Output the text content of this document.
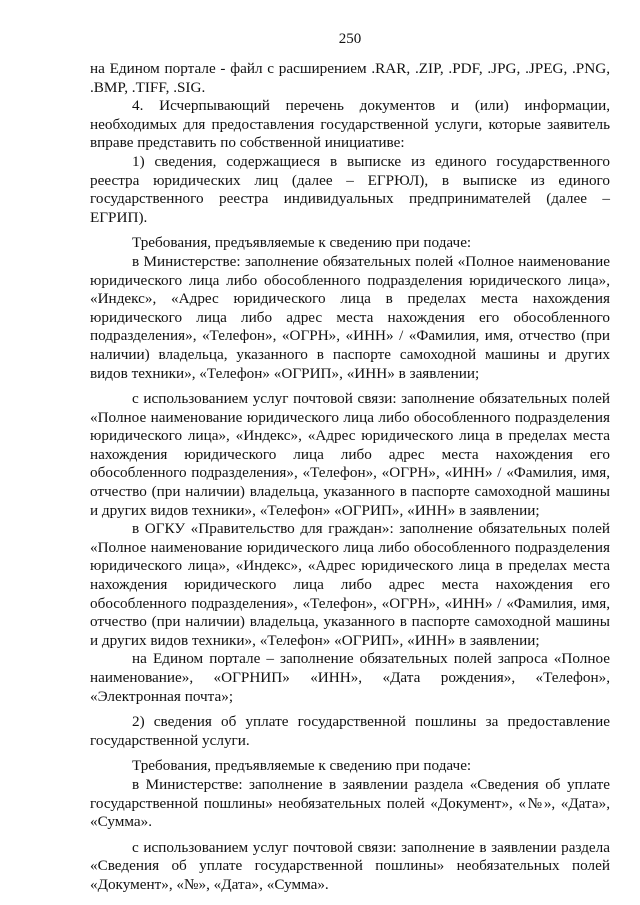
250

на Едином портале - файл с расширением .RAR, .ZIP, .PDF, .JPG, .JPEG, .PNG, .BMP, .TIFF, .SIG.

4. Исчерпывающий перечень документов и (или) информации, необходимых для предоставления государственной услуги, которые заявитель вправе представить по собственной инициативе:

1) сведения, содержащиеся в выписке из единого государственного реестра юридических лиц (далее – ЕГРЮЛ), в выписке из единого государственного реестра индивидуальных предпринимателей (далее – ЕГРИП).

Требования, предъявляемые к сведению при подаче:

в Министерстве: заполнение обязательных полей «Полное наименование юридического лица либо обособленного подразделения юридического лица», «Индекс», «Адрес юридического лица в пределах места нахождения юридического лица либо адрес места нахождения его обособленного подразделения», «Телефон», «ОГРН», «ИНН» / «Фамилия, имя, отчество (при наличии) владельца, указанного в паспорте самоходной машины и других видов техники», «Телефон» «ОГРИП», «ИНН» в заявлении;

с использованием услуг почтовой связи: заполнение обязательных полей «Полное наименование юридического лица либо обособленного подразделения юридического лица», «Индекс», «Адрес юридического лица в пределах места нахождения юридического лица либо адрес места нахождения его обособленного подразделения», «Телефон», «ОГРН», «ИНН» / «Фамилия, имя, отчество (при наличии) владельца, указанного в паспорте самоходной машины и других видов техники», «Телефон» «ОГРИП», «ИНН» в заявлении;

в ОГКУ «Правительство для граждан»: заполнение обязательных полей «Полное наименование юридического лица либо обособленного подразделения юридического лица», «Индекс», «Адрес юридического лица в пределах места нахождения юридического лица либо адрес места нахождения его обособленного подразделения», «Телефон», «ОГРН», «ИНН» / «Фамилия, имя, отчество (при наличии) владельца, указанного в паспорте самоходной машины и других видов техники», «Телефон» «ОГРИП», «ИНН» в заявлении;

на Едином портале – заполнение обязательных полей запроса «Полное наименование», «ОГРНИП» «ИНН», «Дата рождения», «Телефон», «Электронная почта»;

2) сведения об уплате государственной пошлины за предоставление государственной услуги.

Требования, предъявляемые к сведению при подаче:

в Министерстве: заполнение в заявлении раздела «Сведения об уплате государственной пошлины» необязательных полей «Документ», «№», «Дата», «Сумма».

с использованием услуг почтовой связи: заполнение в заявлении раздела «Сведения об уплате государственной пошлины» необязательных полей «Документ», «№», «Дата», «Сумма».
